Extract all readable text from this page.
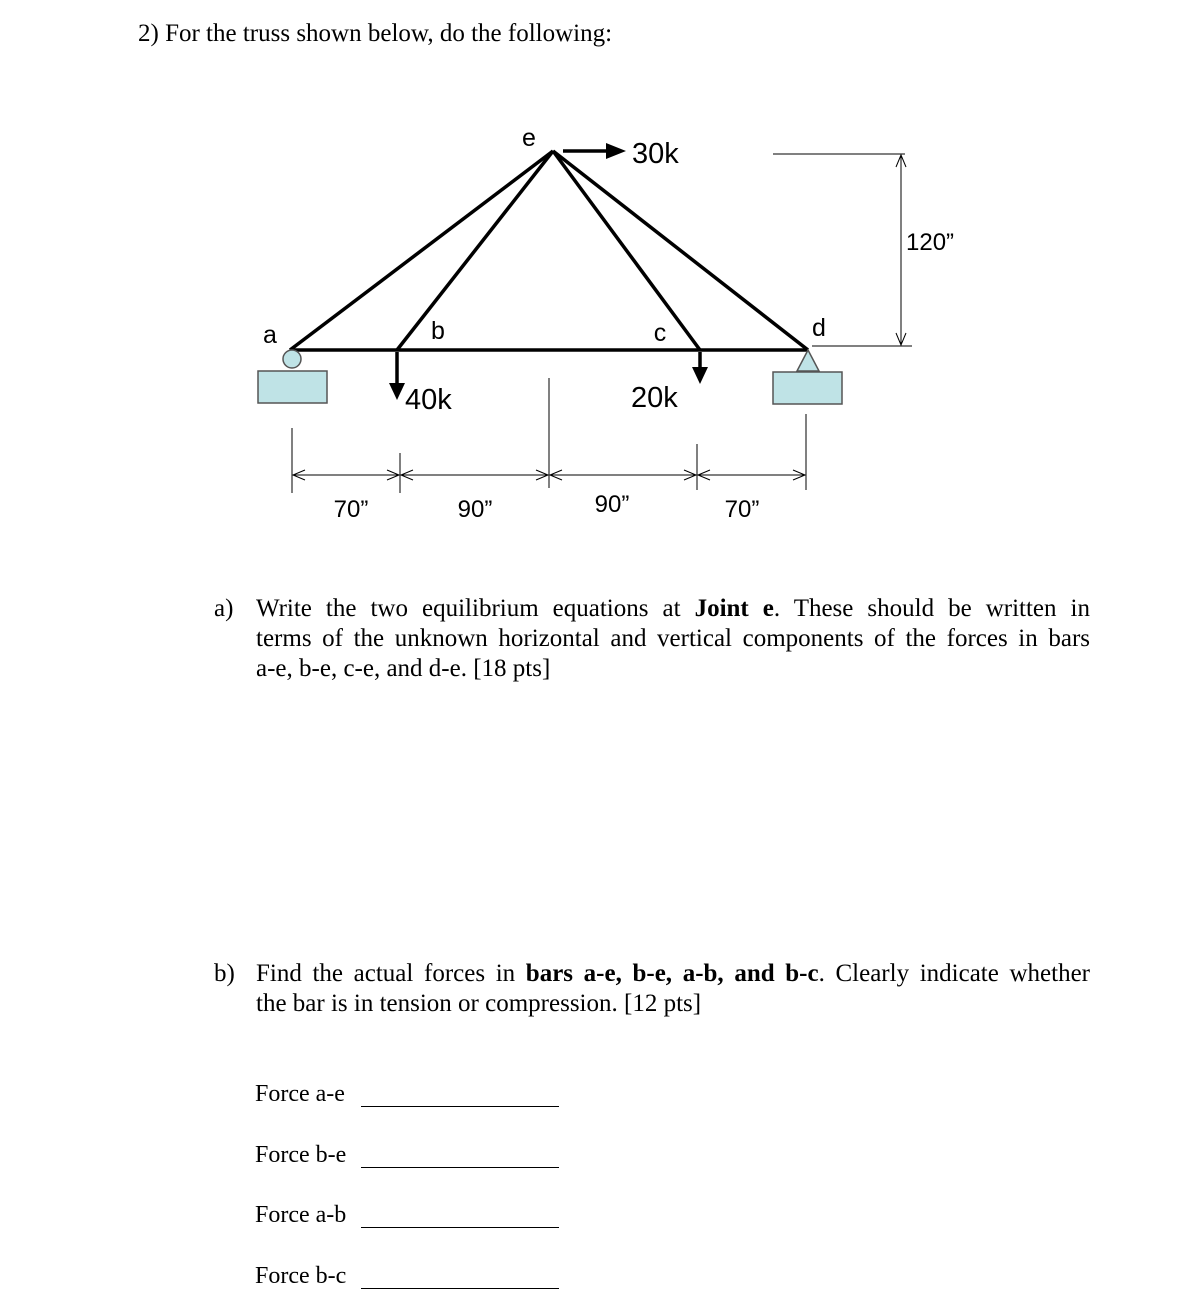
2) For the truss shown below, do the following:
a	b	c	d
e	30k
40k	20k
120”
70”	90”	90”	70”
a) Write the two equilibrium equations at Joint e. These should be written in
terms of the unknown horizontal and vertical components of the forces in bars
a-e, b-e, c-e, and d-e. [18 pts]
b) Find the actual forces in bars a-e, b-e, a-b, and b-c. Clearly indicate whether
the bar is in tension or compression. [12 pts]
Force a-e
Force b-e
Force a-b
Force b-c
